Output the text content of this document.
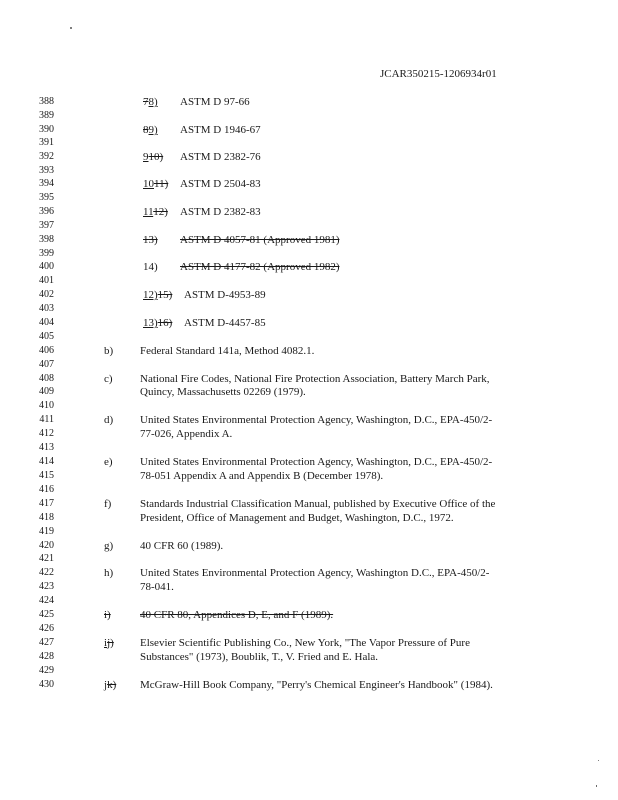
JCAR350215-1206934r01
388
389
390
391
392
393
394
395
396
397
398
399
400
401
402
403
404
405
406
407
408
409
410
411
412
413
414
415
416
417
418
419
420
421
422
423
424
425
426
427
428
429
430
78) ASTM D 97-66
89) ASTM D 1946-67
910) ASTM D 2382-76
1011) ASTM D 2504-83
1112) ASTM D 2382-83
13) ASTM D 4057-81 (Approved 1981)
14) ASTM D 4177-82 (Approved 1982)
12)15) ASTM D-4953-89
13)16) ASTM D-4457-85
b) Federal Standard 141a, Method 4082.1.
c) National Fire Codes, National Fire Protection Association, Battery March Park,
Quincy, Massachusetts 02269 (1979).
d) United States Environmental Protection Agency, Washington, D.C., EPA-450/2-
77-026, Appendix A.
e) United States Environmental Protection Agency, Washington, D.C., EPA-450/2-
78-051 Appendix A and Appendix B (December 1978).
f)	Standards Industrial Classification Manual, published by Executive Office of the
President, Office of Management and Budget, Washington, D.C., 1972.
g) 40 CFR 60 (1989).
h) United States Environmental Protection Agency, Washington D.C., EPA-450/2-
78-041.
i)	40 CFR 80, Appendices D, E, and F (1989).
ij) Elsevier Scientific Publishing Co., New York, "The Vapor Pressure of Pure
Substances" (1973), Boublik, T., V. Fried and E. Hala.
jk) McGraw-Hill Book Company, "Perry's Chemical Engineer's Handbook" (1984).
